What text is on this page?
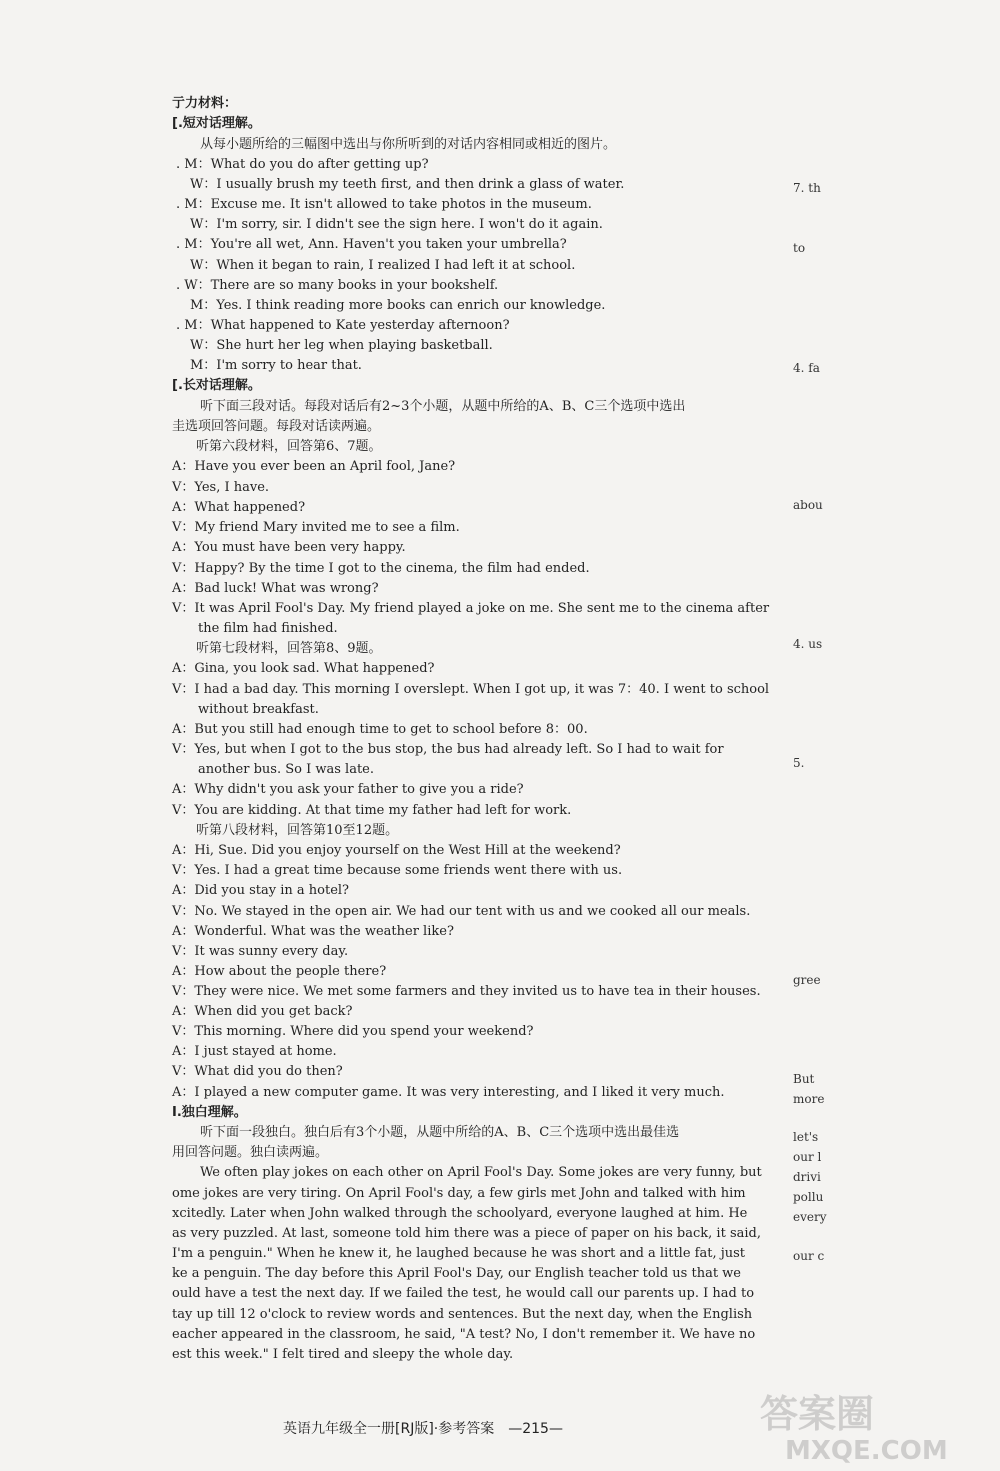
亍力材料：
[.短对话理解。
从每小题所给的三幅图中选出与你所听到的对话内容相同或相近的图片。
. M：What do you do after getting up?
W：I usually brush my teeth first, and then drink a glass of water.
. M：Excuse me. It isn't allowed to take photos in the museum.
W：I'm sorry, sir. I didn't see the sign here. I won't do it again.
. M：You're all wet, Ann. Haven't you taken your umbrella?
W：When it began to rain, I realized I had left it at school.
. W：There are so many books in your bookshelf.
M：Yes. I think reading more books can enrich our knowledge.
. M：What happened to Kate yesterday afternoon?
W：She hurt her leg when playing basketball.
M：I'm sorry to hear that.
[.长对话理解。
听下面三段对话。每段对话后有2~3个小题，从题中所给的A、B、C三个选项中选出
圭选项回答问题。每段对话读两遍。
听第六段材料，回答第6、7题。
A：Have you ever been an April fool, Jane?
V：Yes, I have.
A：What happened?
V：My friend Mary invited me to see a film.
A：You must have been very happy.
V：Happy? By the time I got to the cinema, the film had ended.
A：Bad luck! What was wrong?
V：It was April Fool's Day. My friend played a joke on me. She sent me to the cinema after
the film had finished.
听第七段材料，回答第8、9题。
A：Gina, you look sad. What happened?
V：I had a bad day. This morning I overslept. When I got up, it was 7：40. I went to school
without breakfast.
A：But you still had enough time to get to school before 8：00.
V：Yes, but when I got to the bus stop, the bus had already left. So I had to wait for
another bus. So I was late.
A：Why didn't you ask your father to give you a ride?
V：You are kidding. At that time my father had left for work.
听第八段材料，回答第10至12题。
A：Hi, Sue. Did you enjoy yourself on the West Hill at the weekend?
V：Yes. I had a great time because some friends went there with us.
A：Did you stay in a hotel?
V：No. We stayed in the open air. We had our tent with us and we cooked all our meals.
A：Wonderful. What was the weather like?
V：It was sunny every day.
A：How about the people there?
V：They were nice. We met some farmers and they invited us to have tea in their houses.
A：When did you get back?
V：This morning. Where did you spend your weekend?
A：I just stayed at home.
V：What did you do then?
A：I played a new computer game. It was very interesting, and I liked it very much.
I.独白理解。
听下面一段独白。独白后有3个小题，从题中所给的A、B、C三个选项中选出最佳选
用回答问题。独白读两遍。
We often play jokes on each other on April Fool's Day. Some jokes are very funny, but
ome jokes are very tiring. On April Fool's day, a few girls met John and talked with him
xcitedly. Later when John walked through the schoolyard, everyone laughed at him. He
as very puzzled. At last, someone told him there was a piece of paper on his back, it said,
I'm a penguin." When he knew it, he laughed because he was short and a little fat, just
ke a penguin. The day before this April Fool's Day, our English teacher told us that we
ould have a test the next day. If we failed the test, he would call our parents up. I had to
tay up till 12 o'clock to review words and sentences. But the next day, when the English
eacher appeared in the classroom, he said, "A test? No, I don't remember it. We have no
est this week." I felt tired and sleepy the whole day.
7. th
to
4. fa
abou
4. us
5.
gree
But
more
let's
our l
drivi
pollu
every
our c
英语九年级全一册[RJ版]·参考答案　—215—	答案圈
MXQE.COM
